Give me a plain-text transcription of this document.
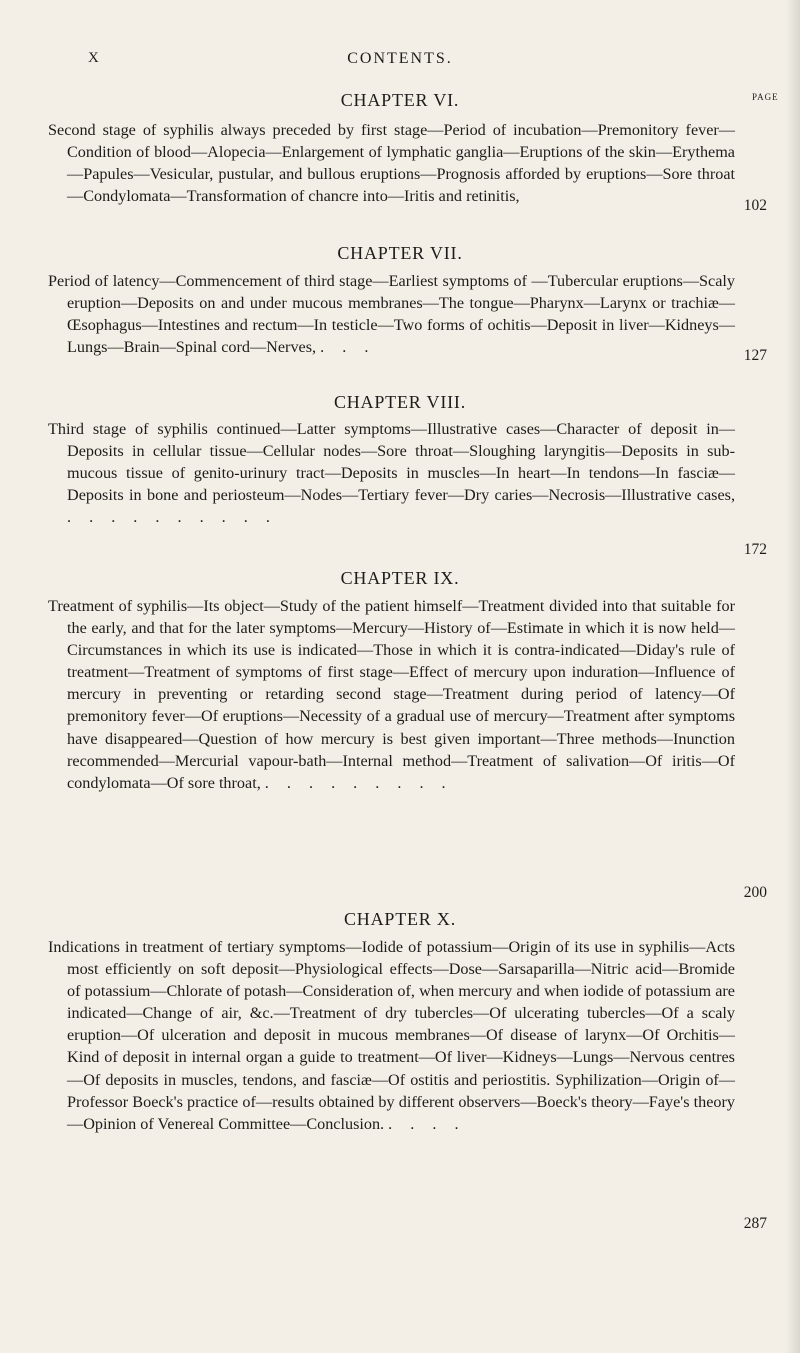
X	CONTENTS.
PAGE
CHAPTER VI.
Second stage of syphilis always preceded by first stage—Period of incubation—Premonitory fever—Condition of blood—Alopecia—Enlargement of lymphatic ganglia—Eruptions of the skin—Erythema—Papules—Vesicular, pustular, and bullous eruptions—Prognosis afforded by eruptions—Sore throat—Condylomata—Transformation of chancre into—Iritis and retinitis,
102
CHAPTER VII.
Period of latency—Commencement of third stage—Earliest symptoms of —Tubercular eruptions—Scaly eruption—Deposits on and under mucous membranes—The tongue—Pharynx—Larynx or trachiæ—Œsophagus—Intestines and rectum—In testicle—Two forms of ochitis—Deposit in liver—Kidneys—Lungs—Brain—Spinal cord—Nerves, . . .	127
CHAPTER VIII.
Third stage of syphilis continued—Latter symptoms—Illustrative cases—Character of deposit in—Deposits in cellular tissue—Cellular nodes—Sore throat—Sloughing laryngitis—Deposits in sub-mucous tissue of genito-urinury tract—Deposits in muscles—In heart—In tendons—In fasciæ—Deposits in bone and periosteum—Nodes—Tertiary fever—Dry caries—Necrosis—Illustrative cases, . . . . . . . . . .
172
CHAPTER IX.
Treatment of syphilis—Its object—Study of the patient himself—Treatment divided into that suitable for the early, and that for the later symptoms—Mercury—History of—Estimate in which it is now held—Circumstances in which its use is indicated—Those in which it is contra-indicated—Diday's rule of treatment—Treatment of symptoms of first stage—Effect of mercury upon induration—Influence of mercury in preventing or retarding second stage—Treatment during period of latency—Of premonitory fever—Of eruptions—Necessity of a gradual use of mercury—Treatment after symptoms have disappeared—Question of how mercury is best given important—Three methods—Inunction recommended—Mercurial vapour-bath—Internal method—Treatment of salivation—Of iritis—Of condylomata—Of sore throat, . . . . . . . . .
200
CHAPTER X.
Indications in treatment of tertiary symptoms—Iodide of potassium—Origin of its use in syphilis—Acts most efficiently on soft deposit—Physiological effects—Dose—Sarsaparilla—Nitric acid—Bromide of potassium—Chlorate of potash—Consideration of, when mercury and when iodide of potassium are indicated—Change of air, &c.—Treatment of dry tubercles—Of ulcerating tubercles—Of a scaly eruption—Of ulceration and deposit in mucous membranes—Of disease of larynx—Of Orchitis—Kind of deposit in internal organ a guide to treatment—Of liver—Kidneys—Lungs—Nervous centres—Of deposits in muscles, tendons, and fasciæ—Of ostitis and periostitis. Syphilization—Origin of—Professor Boeck's practice of—results obtained by different observers—Boeck's theory—Faye's theory—Opinion of Venereal Committee—Conclusion. . . . .
287
